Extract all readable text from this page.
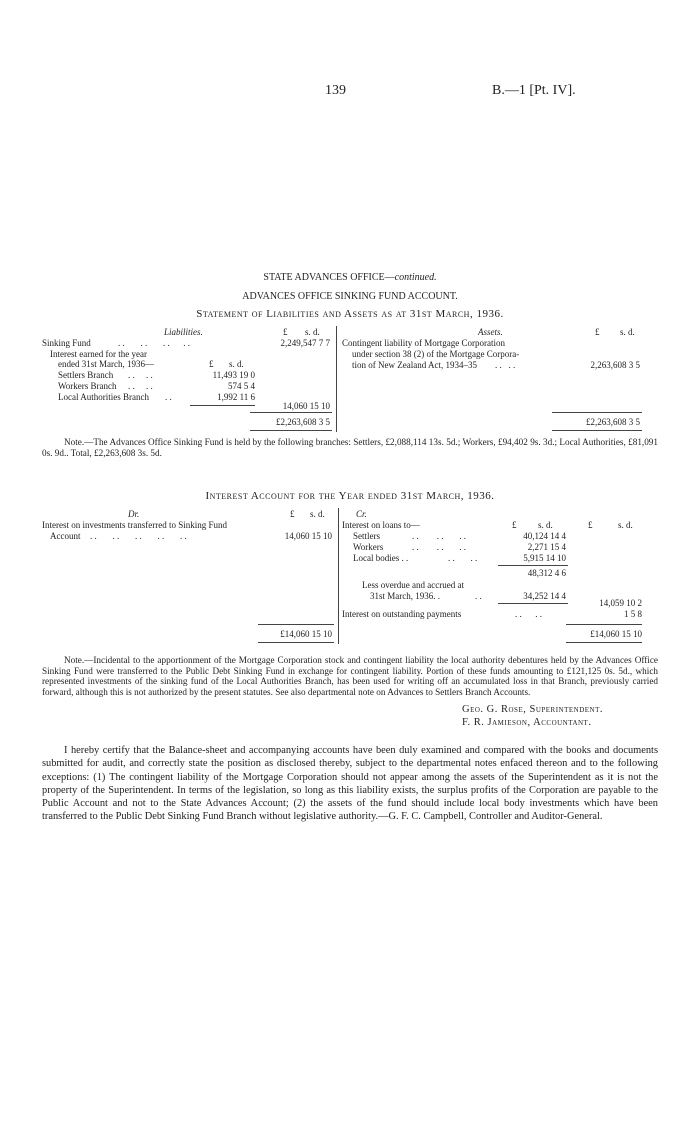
139	B.—1 [Pt. IV].
STATE ADVANCES OFFICE—continued.
ADVANCES OFFICE SINKING FUND ACCOUNT.
Statement of Liabilities and Assets as at 31st March, 1936.
Liabilities.	£ s. d.
Sinking Fund	. .       . .       . .      . .	2,249,547 7 7
Interest earned for the year
ended 31st March, 1936—	£ s. d.
Settlers Branch . .     . .	11,493 19 0
Workers Branch . .     . .	574 5 4
Local Authorities Branch . .	1,992 11 6
14,060 15 10
£2,263,608 3 5
Assets.	£ s. d.
Contingent liability of Mortgage Corporation
under section 38 (2) of the Mortgage Corpora-
tion of New Zealand Act, 1934–35 . .   . .	2,263,608 3 5
£2,263,608 3 5
Note.—The Advances Office Sinking Fund is held by the following branches: Settlers, £2,088,114 13s. 5d.; Workers, £94,402 9s. 3d.; Local Authorities, £81,091 0s. 9d.. Total, £2,263,608 3s. 5d.
Interest Account for the Year ended 31st March, 1936.
Dr.	£ s. d.
Interest on investments transferred to Sinking Fund
Account . .       . .       . .       . .       . .	14,060 15 10
£14,060 15 10
Cr.
Interest on loans to—	£ s. d.	£	s. d.
Settlers	. .        . .       . .	40,124 14 4
Workers	. .        . .       . .	2,271 15 4
Local bodies . .	. .       . .	5,915 14 10
48,312 4 6
Less overdue and accrued at
31st March, 1936. .	. .	34,252 14 4
14,059 10 2
Interest on outstanding payments	. .      . .	1 5 8
£14,060 15 10
Note.—Incidental to the apportionment of the Mortgage Corporation stock and contingent liability the local authority debentures held by the Advances Office Sinking Fund were transferred to the Public Debt Sinking Fund in exchange for contingent liability. Portion of these funds amounting to £121,125 0s. 5d., which represented investments of the sinking fund of the Local Authorities Branch, has been used for writing off an accumulated loss in that Branch, previously carried forward, although this is not authorized by the present statutes. See also departmental note on Advances to Settlers Branch Accounts.
Geo. G. Rose, Superintendent.
F. R. Jamieson, Accountant.
I hereby certify that the Balance-sheet and accompanying accounts have been duly examined and compared with the books and documents submitted for audit, and correctly state the position as disclosed thereby, subject to the departmental notes enfaced thereon and to the following exceptions: (1) The contingent liability of the Mortgage Corporation should not appear among the assets of the Superintendent as it is not the property of the Superintendent. In terms of the legislation, so long as this liability exists, the surplus profits of the Corporation are payable to the Public Account and not to the State Advances Account; (2) the assets of the fund should include local body investments which have been transferred to the Public Debt Sinking Fund Branch without legislative authority.—G. F. C. Campbell, Controller and Auditor-General.
